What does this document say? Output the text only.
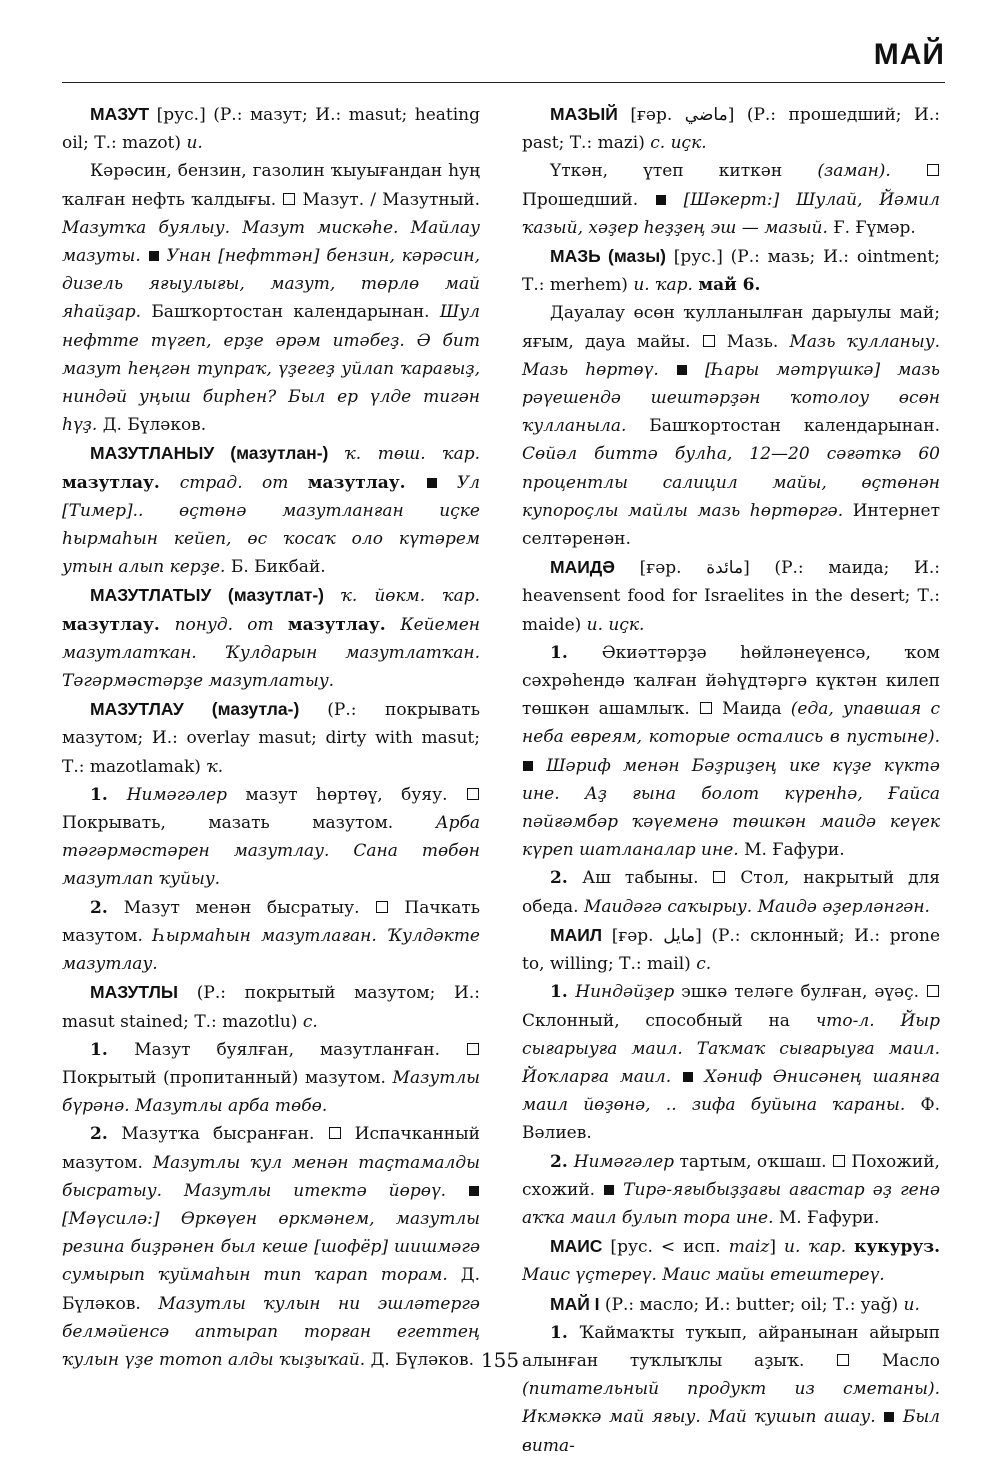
МАЙ

МАЗУТ [рус.] (Р.: мазут; И.: masut; heating oil; Т.: mazot) и.

Кәрәсин, бензин, газолин ҡыуығандан һуң ҡалған нефть ҡалдығы.  Мазут. / Мазутный. Мазутҡа буялыу. Мазут мискәһе. Майлау мазуты.  Унан [нефттән] бензин, кәрәсин, дизель яғыулығы, мазут, төрлө май яһайҙар. Башҡортостан календарынан. Шул нефтте түгеп, ерҙе әрәм итәбеҙ. Ә бит мазут һеңгән тупраҡ, үҙегеҙ уйлап ҡарағыҙ, ниндәй уңыш бирһен? Был ер үлде тигән һүҙ. Д. Бүләков.

МАЗУТЛАНЫУ (мазутлан-) ҡ. төш. ҡар. мазутлау. страд. от мазутлау.  Ул [Тимер].. өҫтөнә мазутланған иҫке һырмаһын кейеп, өс ҡосаҡ оло күтәрем утын алып керҙе. Б. Бикбай.

МАЗУТЛАТЫУ (мазутлат-) ҡ. йөкм. ҡар. мазутлау. понуд. от мазутлау. Кейемен мазутлатҡан. Ҡулдарын мазутлатҡан. Тәгәрмәстәрҙе мазутлатыу.

МАЗУТЛАУ (мазутла-) (Р.: покрывать мазутом; И.: overlay masut; dirty with masut; Т.: mazotlamak) ҡ.

1. Нимәгәлер мазут һөртөү, буяу.  Покрывать, мазать мазутом. Арба тәгәрмәстәрен мазутлау. Сана төбөн мазутлап ҡуйыу.

2. Мазут менән бысратыу.  Пачкать мазутом. Һырмаһын мазутлаған. Ҡулдәкте мазутлау.

МАЗУТЛЫ (Р.: покрытый мазутом; И.: masut stained; Т.: mazotlu) с.

1. Мазут буялған, мазутланған.  Покрытый (пропитанный) мазутом. Мазутлы бүрәнә. Мазутлы арба төбө.

2. Мазутҡа бысранған.  Испачканный мазутом. Мазутлы ҡул менән таҫтамалды бысратыу. Мазутлы итектә йөрөү.  [Мәүсилә:] Өркөүен өркмәнем, мазутлы резина биҙрәнен был кеше [шофёр] шишмәгә сумырып ҡуймаһын тип ҡарап торам. Д. Бүләков. Мазутлы ҡулын ни эшләтергә белмәйенсә аптырап торған егеттең ҡулын үҙе тотоп алды ҡыҙыҡай. Д. Бүләков.

МАЗЫЙ [ғәр. ماضي] (Р.: прошедший; И.: past; Т.: mazi) с. иҫк.

Үткән, үтеп киткән (заман).  Прошедший.  [Шәкерт:] Шулай, Йәмил ҡазый, хәҙер һеҙҙең эш — мазый. Ғ. Ғүмәр.

МАЗЬ (мазы) [рус.] (Р.: мазь; И.: ointment; Т.: merhem) и. ҡар. май 6.

Дауалау өсөн ҡулланылған дарыулы май; яғым, дауа майы.  Мазь. Мазь ҡулланыу. Мазь һөртөү.  [Һары мәтрүшкә] мазь рәүешендә шештәрҙән ҡотолоу өсөн ҡулланыла. Башҡортостан календарынан. Сөйәл биттә булһа, 12—20 сәғәткә 60 процентлы салицил майы, өҫтөнән купороҫлы майлы мазь һөртөргә. Интернет селтәренән.

МАИДӘ [ғәр. مائدة] (Р.: маида; И.: heavensent food for Israelites in the desert; Т.: maide) и. иҫк.

1. Әкиәттәрҙә һөйләнеүенсә, ҡом сәхрәһендә ҡалған йәһүдтәргә күктән килеп төшкән ашамлыҡ.  Маида (еда, упавшая с неба евреям, которые остались в пустыне).  Шәриф менән Бәҙриҙең ике күҙе күктә ине. Аҙ ғына болот күренһә, Ғайса пәйғәмбәр ҡәүеменә төшкән маидә кеүек күреп шатланалар ине. М. Ғафури.

2. Аш табыны.  Стол, накрытый для обеда. Маидәгә саҡырыу. Маидә әҙерләнгән.

МАИЛ [ғәр. مايل] (Р.: склонный; И.: prone to, willing; Т.: mail) с.

1. Ниндәйҙер эшкә теләге булған, әүәҫ.  Склонный, способный на что-л. Йыр сығарыуға маил. Таҡмаҡ сығарыуға маил. Йоҡларға маил.  Хәниф Әнисәнең шаянға маил йөҙөнә, .. зифа буйына ҡараны. Ф. Вәлиев.

2. Нимәгәлер тартым, оҡшаш.  Похожий, схожий.  Тирә-яғыбыҙҙағы ағастар әҙ генә аҡҡа маил булып тора ине. М. Ғафури.

МАИС [рус. < исп. maiz] и. ҡар. кукуруз. Маис үҫтереү. Маис майы етештереү.

МАЙ I (Р.: масло; И.: butter; oil; Т.: yağ) и.

1. Ҡаймаҡты туҡып, айранынан айырып алынған туҡлыҡлы аҙыҡ.  Масло (питательный продукт из сметаны). Икмәккә май яғыу. Май ҡушып ашау.  Был вита-

155
